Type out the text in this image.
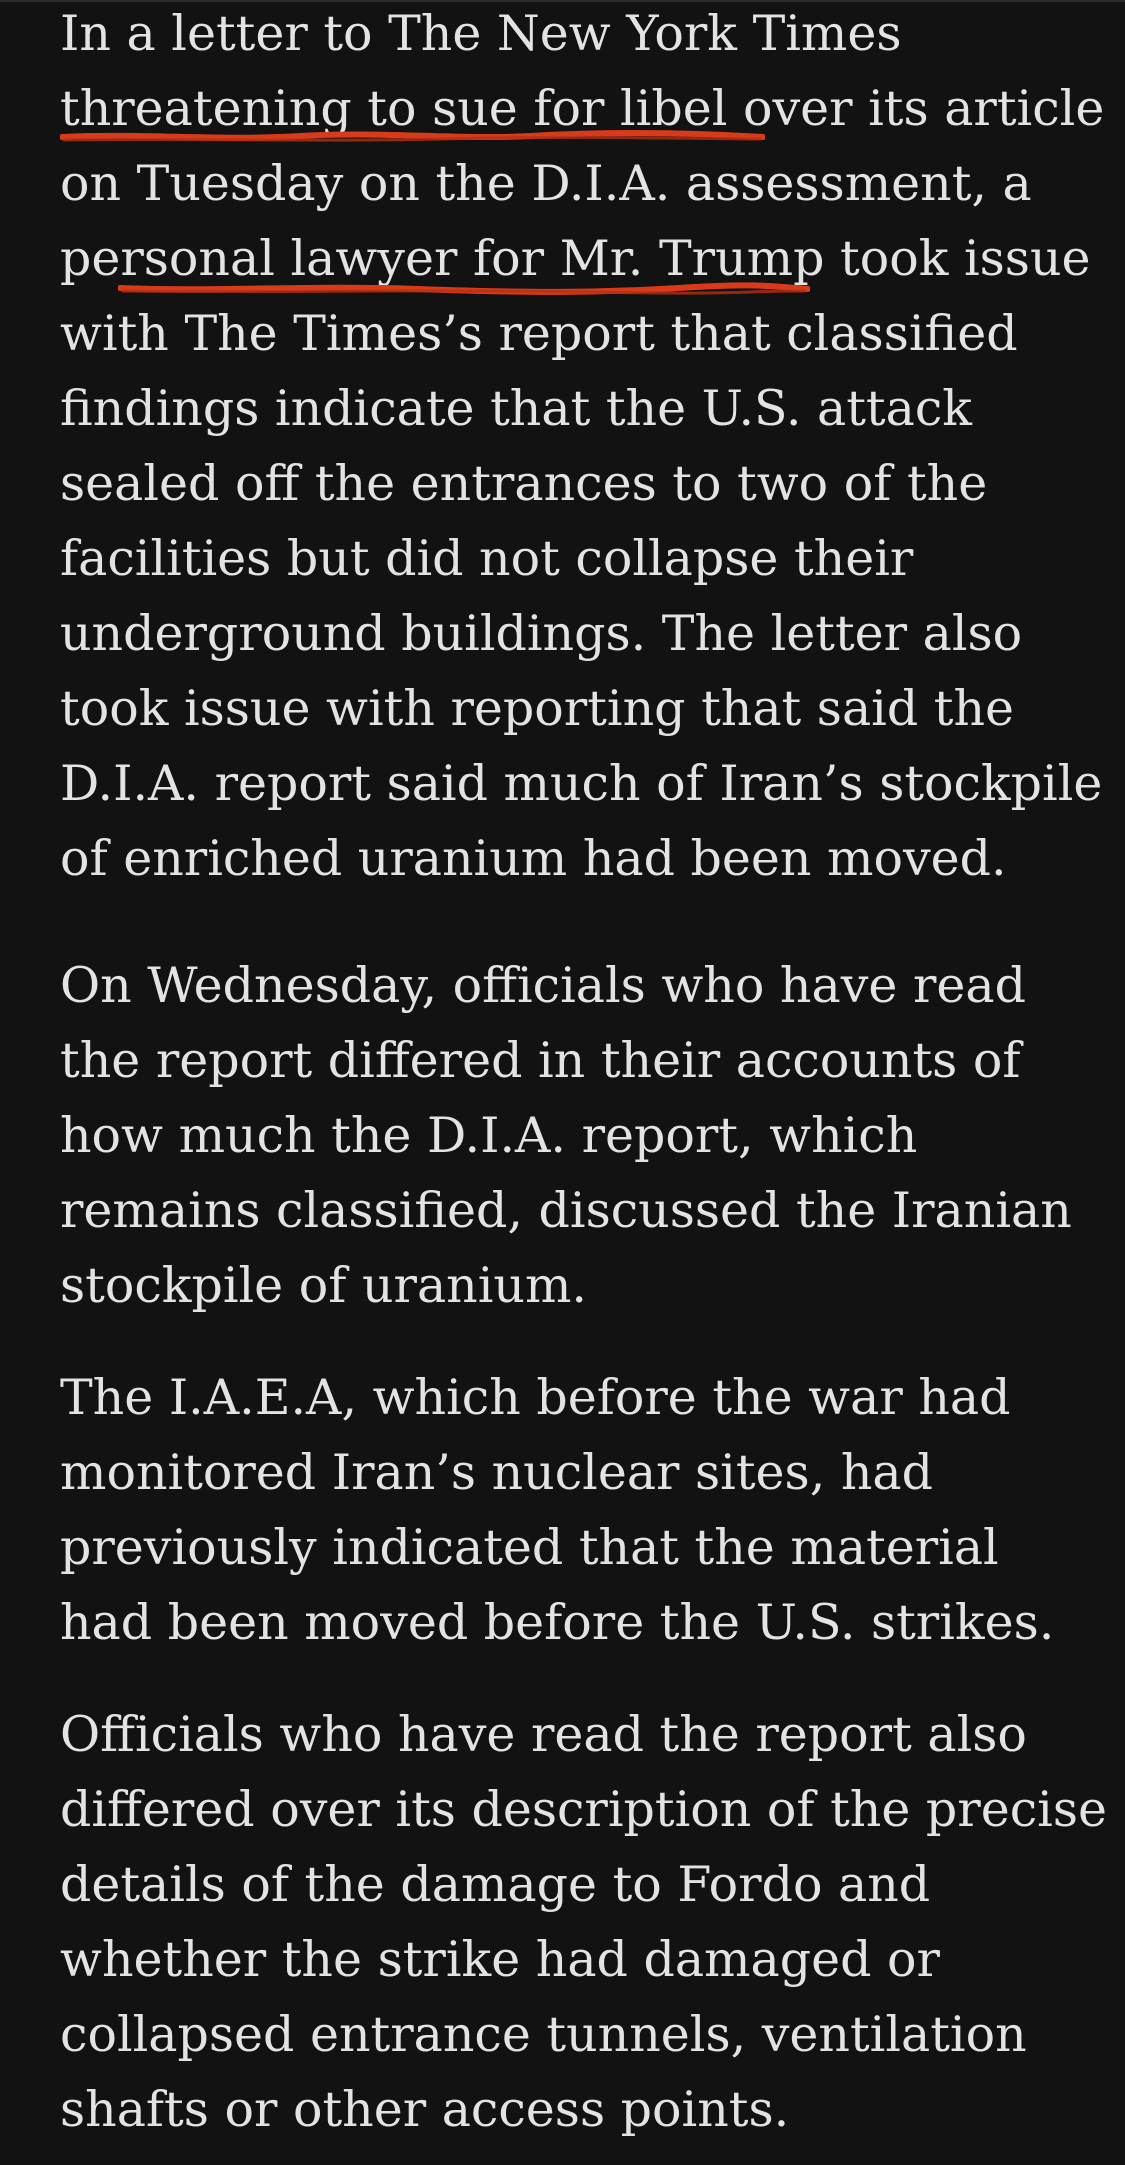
In a letter to The New York Times
threatening to sue for libel over its article
on Tuesday on the D.I.A. assessment, a
personal lawyer for Mr. Trump took issue
with The Times’s report that classified
findings indicate that the U.S. attack
sealed off the entrances to two of the
facilities but did not collapse their
underground buildings. The letter also
took issue with reporting that said the
D.I.A. report said much of Iran’s stockpile
of enriched uranium had been moved.
On Wednesday, officials who have read
the report differed in their accounts of
how much the D.I.A. report, which
remains classified, discussed the Iranian
stockpile of uranium.
The I.A.E.A, which before the war had
monitored Iran’s nuclear sites, had
previously indicated that the material
had been moved before the U.S. strikes.
Officials who have read the report also
differed over its description of the precise
details of the damage to Fordo and
whether the strike had damaged or
collapsed entrance tunnels, ventilation
shafts or other access points.
